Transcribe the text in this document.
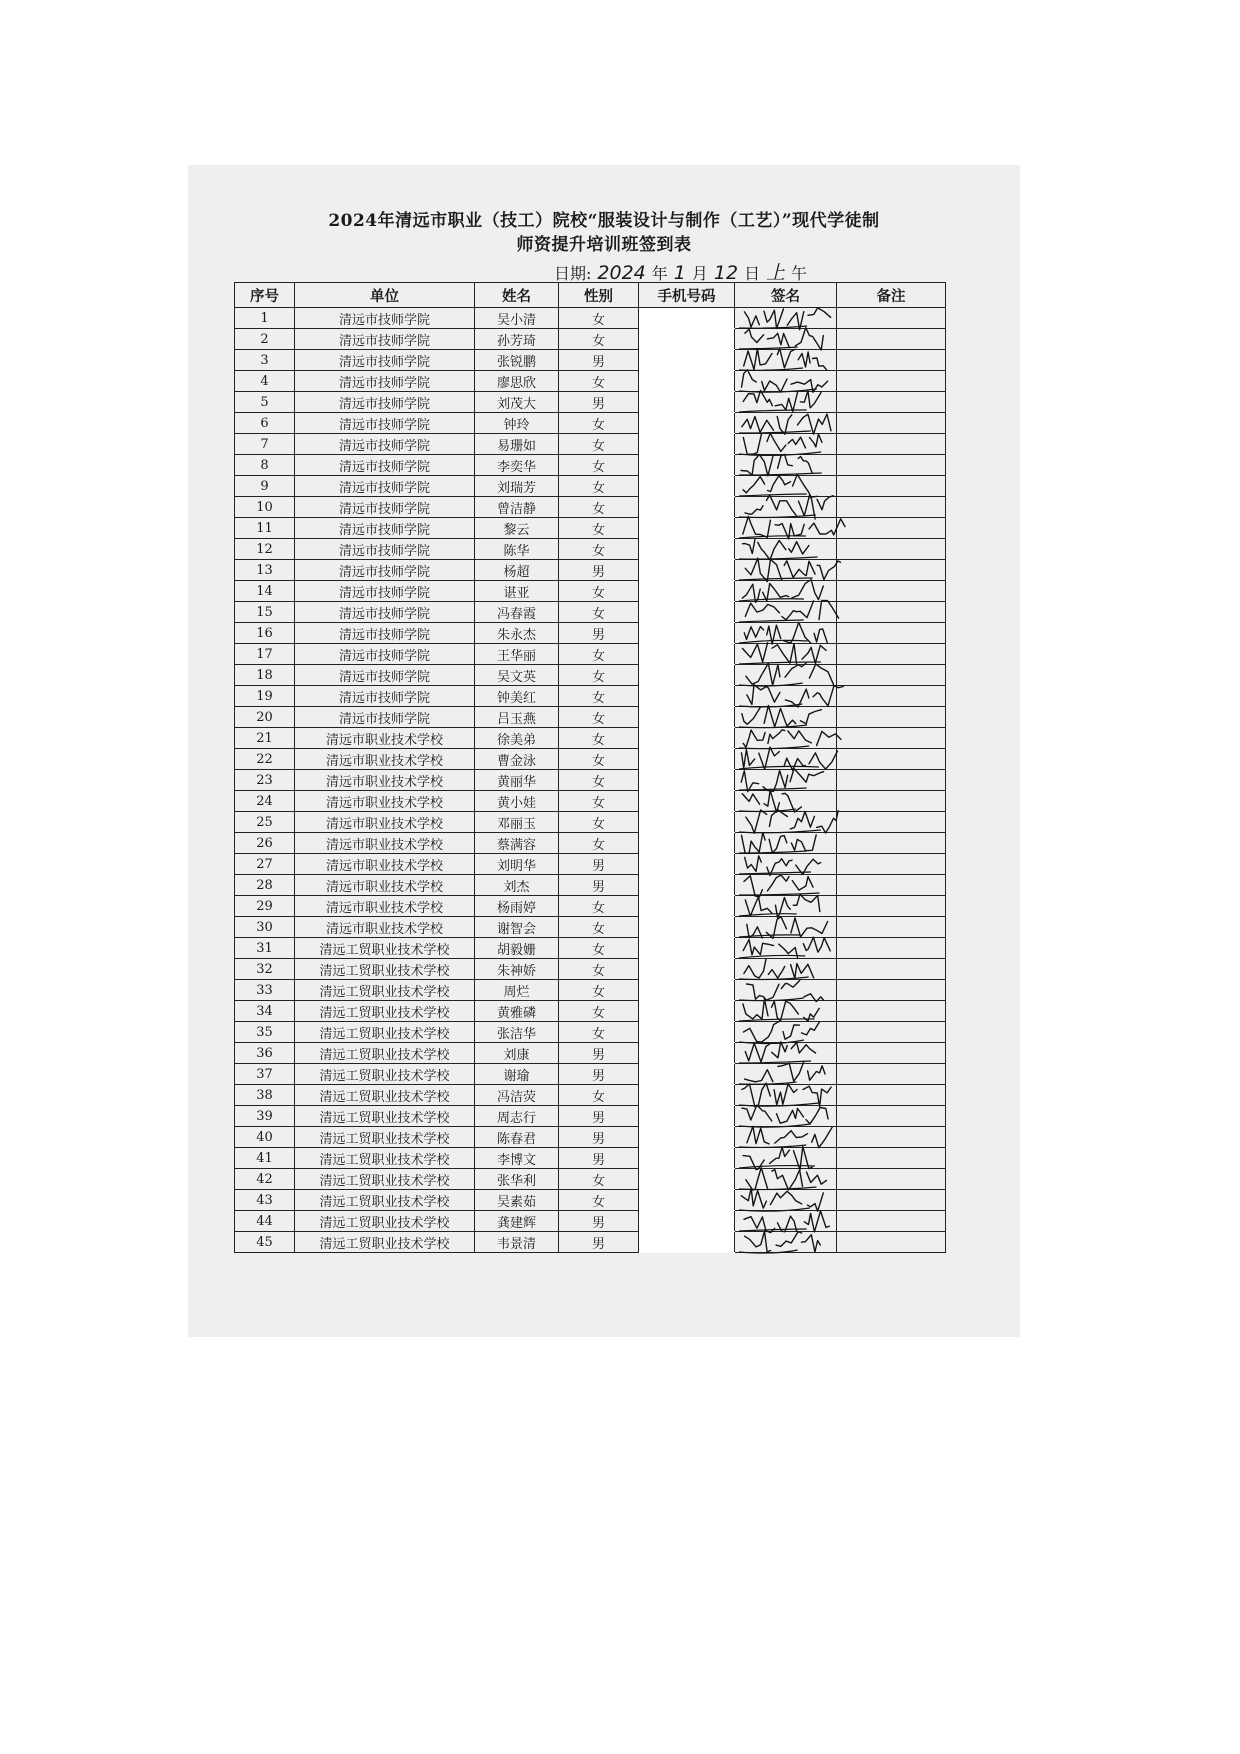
2024年清远市职业（技工）院校“服装设计与制作（工艺）”现代学徒制
师资提升培训班签到表
日期: 2024 年 1 月 12 日 上 午
序号	单位	姓名	性别	手机号码	签名	备注
1	清远市技师学院	吴小清	女		

2	清远市技师学院	孙芳琦	女		

3	清远市技师学院	张锐鹏	男		

4	清远市技师学院	廖思欣	女		

5	清远市技师学院	刘茂大	男		

6	清远市技师学院	钟玲	女		

7	清远市技师学院	易珊如	女		

8	清远市技师学院	李奕华	女		

9	清远市技师学院	刘瑞芳	女		

10	清远市技师学院	曾洁静	女		

11	清远市技师学院	黎云	女		

12	清远市技师学院	陈华	女		

13	清远市技师学院	杨超	男		

14	清远市技师学院	谌亚	女		

15	清远市技师学院	冯春霞	女		

16	清远市技师学院	朱永杰	男		

17	清远市技师学院	王华丽	女		

18	清远市技师学院	吴文英	女		

19	清远市技师学院	钟美红	女		

20	清远市技师学院	吕玉燕	女		

21	清远市职业技术学校	徐美弟	女		

22	清远市职业技术学校	曹金泳	女		

23	清远市职业技术学校	黄丽华	女		

24	清远市职业技术学校	黄小娃	女		

25	清远市职业技术学校	邓丽玉	女		

26	清远市职业技术学校	蔡满容	女		

27	清远市职业技术学校	刘明华	男		

28	清远市职业技术学校	刘杰	男		

29	清远市职业技术学校	杨雨婷	女		

30	清远市职业技术学校	谢智会	女		

31	清远工贸职业技术学校	胡毅姗	女		

32	清远工贸职业技术学校	朱神娇	女		

33	清远工贸职业技术学校	周烂	女		

34	清远工贸职业技术学校	黄雅磷	女		

35	清远工贸职业技术学校	张洁华	女		

36	清远工贸职业技术学校	刘康	男		

37	清远工贸职业技术学校	谢瑜	男		

38	清远工贸职业技术学校	冯洁荧	女		

39	清远工贸职业技术学校	周志行	男		

40	清远工贸职业技术学校	陈春君	男		

41	清远工贸职业技术学校	李博文	男		

42	清远工贸职业技术学校	张华利	女		

43	清远工贸职业技术学校	吴素茹	女		

44	清远工贸职业技术学校	龚建辉	男		

45	清远工贸职业技术学校	韦景清	男		
